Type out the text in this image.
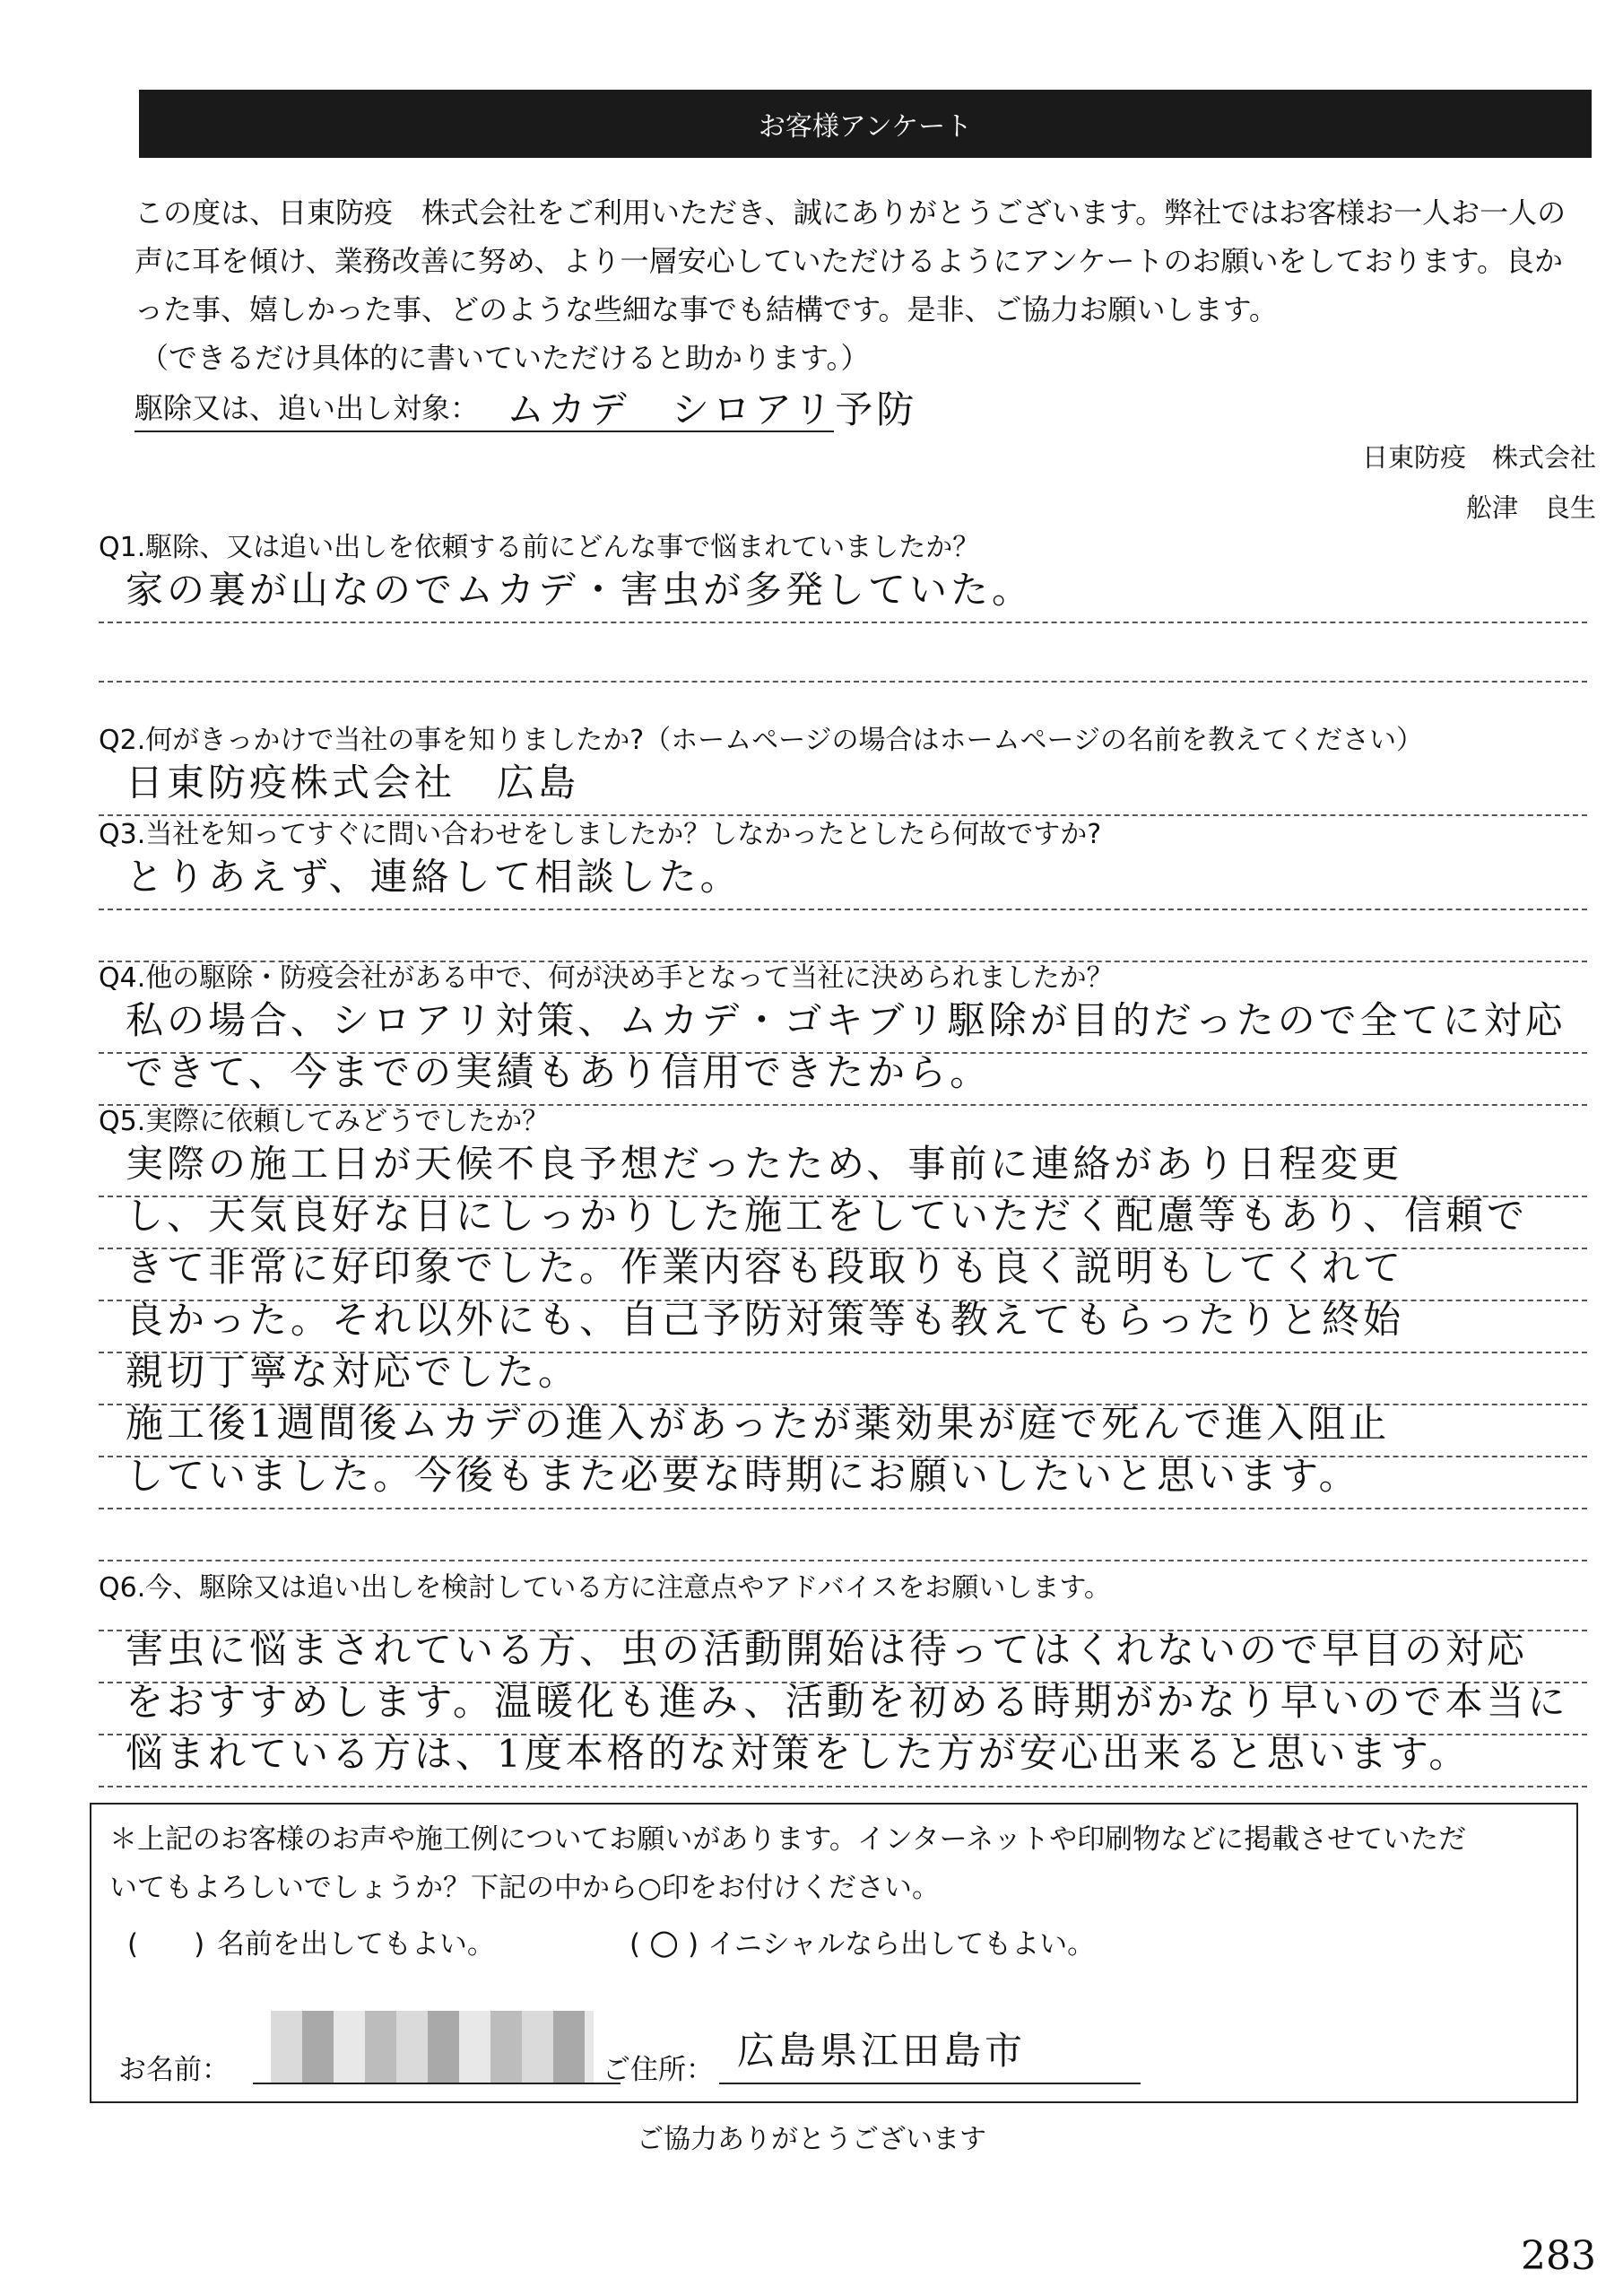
お客様アンケート

この度は、日東防疫　株式会社をご利用いただき、誠にありがとうございます。弊社ではお客様お一人お一人の

声に耳を傾け、業務改善に努め、より一層安心していただけるようにアンケートのお願いをしております。良か

った事、嬉しかった事、どのような些細な事でも結構です。是非、ご協力お願いします。

（できるだけ具体的に書いていただけると助かります。）

駆除又は、追い出し対象： ムカデ　シロアリ予防
日東防疫　株式会社
舩津　良生

Q1.駆除、又は追い出しを依頼する前にどんな事で悩まれていましたか？

家の裏が山なのでムカデ・害虫が多発していた。

Q2.何がきっかけで当社の事を知りましたか?（ホームページの場合はホームページの名前を教えてください）

日東防疫株式会社　広島

Q3.当社を知ってすぐに問い合わせをしましたか？しなかったとしたら何故ですか?

とりあえず、連絡して相談した。

Q4.他の駆除・防疫会社がある中で、何が決め手となって当社に決められましたか？

私の場合、シロアリ対策、ムカデ・ゴキブリ駆除が目的だったので全てに対応
できて、今までの実績もあり信用できたから。

Q5.実際に依頼してみどうでしたか？

実際の施工日が天候不良予想だったため、事前に連絡があり日程変更
し、天気良好な日にしっかりした施工をしていただく配慮等もあり、信頼で
きて非常に好印象でした。作業内容も段取りも良く説明もしてくれて
良かった。それ以外にも、自己予防対策等も教えてもらったりと終始
親切丁寧な対応でした。
施工後1週間後ムカデの進入があったが薬効果が庭で死んで進入阻止
していました。今後もまた必要な時期にお願いしたいと思います。

Q6.今、駆除又は追い出しを検討している方に注意点やアドバイスをお願いします。

害虫に悩まされている方、虫の活動開始は待ってはくれないので早目の対応
をおすすめします。温暖化も進み、活動を初める時期がかなり早いので本当に
悩まれている方は、1度本格的な対策をした方が安心出来ると思います。

＊上記のお客様のお声や施工例についてお願いがあります。インターネットや印刷物などに掲載させていただ

いてもよろしいでしょうか？下記の中から○印をお付けください。

(　　) 名前を出してもよい。	( ○ ) イニシャルなら出してもよい。
お名前：	ご住所： 広島県江田島市
ご協力ありがとうございます
283
